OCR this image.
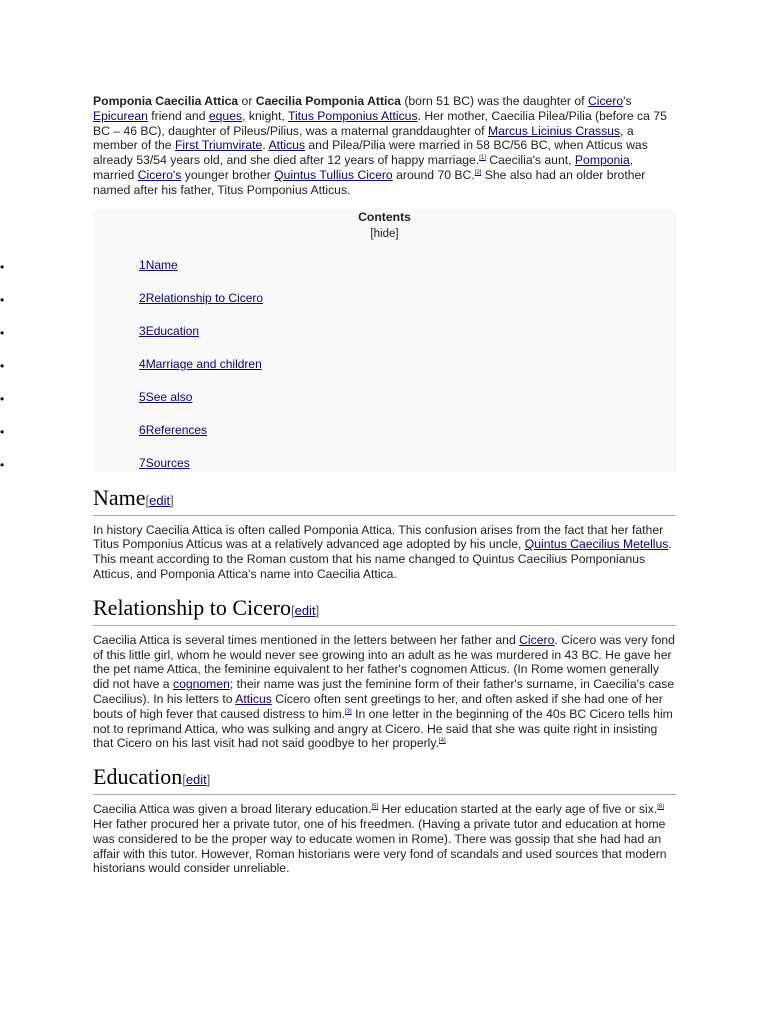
Pomponia Caecilia Attica or Caecilia Pomponia Attica (born 51 BC) was the daughter of Cicero's Epicurean friend and eques, knight, Titus Pomponius Atticus. Her mother, Caecilia Pilea/Pilia (before ca 75 BC – 46 BC), daughter of Pileus/Pilius, was a maternal granddaughter of Marcus Licinius Crassus, a member of the First Triumvirate. Atticus and Pilea/Pilia were married in 58 BC/56 BC, when Atticus was already 53/54 years old, and she died after 12 years of happy marriage.[1] Caecilia's aunt, Pomponia, married Cicero's younger brother Quintus Tullius Cicero around 70 BC.[2] She also had an older brother named after his father, Titus Pomponius Atticus.

Contents
[hide]
•	1Name
•	2Relationship to Cicero
•	3Education
•	4Marriage and children
•	5See also
•	6References
•	7Sources
Name[edit]

In history Caecilia Attica is often called Pomponia Attica. This confusion arises from the fact that her father Titus Pomponius Atticus was at a relatively advanced age adopted by his uncle, Quintus Caecilius Metellus. This meant according to the Roman custom that his name changed to Quintus Caecilius Pomponianus Atticus, and Pomponia Attica's name into Caecilia Attica.

Relationship to Cicero[edit]

Caecilia Attica is several times mentioned in the letters between her father and Cicero. Cicero was very fond of this little girl, whom he would never see growing into an adult as he was murdered in 43 BC. He gave her the pet name Attica, the feminine equivalent to her father's cognomen Atticus. (In Rome women generally did not have a cognomen; their name was just the feminine form of their father's surname, in Caecilia's case Caecilius). In his letters to Atticus Cicero often sent greetings to her, and often asked if she had one of her bouts of high fever that caused distress to him.[3] In one letter in the beginning of the 40s BC Cicero tells him not to reprimand Attica, who was sulking and angry at Cicero. He said that she was quite right in insisting that Cicero on his last visit had not said goodbye to her properly.[4]

Education[edit]

Caecilia Attica was given a broad literary education.[5] Her education started at the early age of five or six.[6] Her father procured her a private tutor, one of his freedmen. (Having a private tutor and education at home was considered to be the proper way to educate women in Rome). There was gossip that she had had an affair with this tutor. However, Roman historians were very fond of scandals and used sources that modern historians would consider unreliable.
